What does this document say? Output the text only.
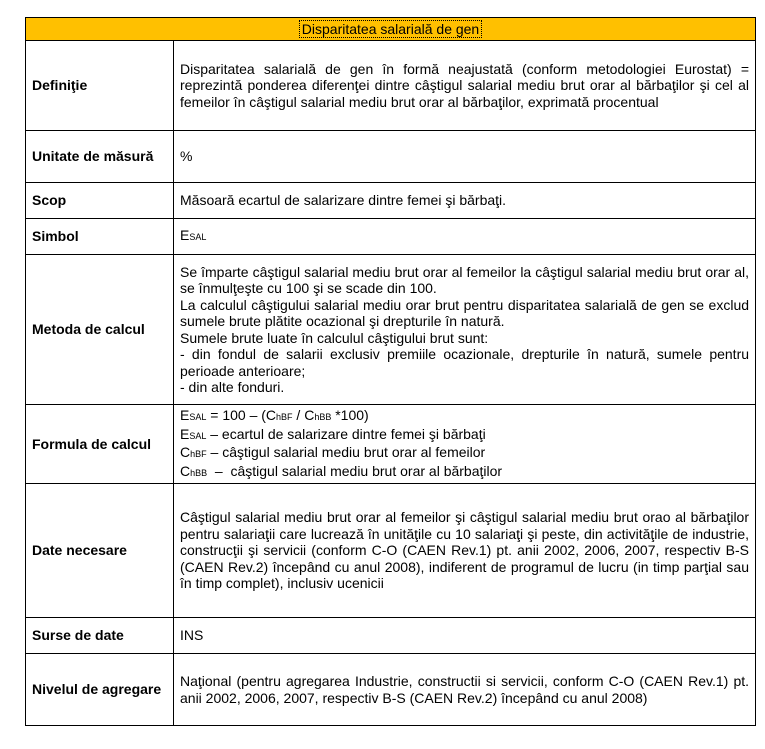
Disparitatea salarială de gen	
Definiţie	Disparitatea salarială de gen în formă neajustată (conform metodologiei Eurostat) = reprezintă ponderea diferenţei dintre câştigul salarial mediu brut orar al bărbaţilor şi cel al femeilor în câştigul salarial mediu brut orar al bărbaţilor, exprimată procentual
Unitate de măsură	%
Scop	Măsoară ecartul de salarizare dintre femei şi bărbaţi.
Simbol	ESAL
Metoda de calcul	Se împarte câştigul salarial mediu brut orar al femeilor la câştigul salarial mediu brut orar al, se înmulţeşte cu 100 şi se scade din 100.

La calculul câştigului salarial mediu orar brut pentru disparitatea salarială de gen se exclud sumele brute plătite ocazional şi drepturile în natură.

Sumele brute luate în calculul câştigului brut sunt:

- din fondul de salarii exclusiv premiile ocazionale, drepturile în natură, sumele pentru perioade anterioare;

- din alte fonduri.

Formula de calcul	ESAL = 100 – (ChBF / ChBB *100)

ESAL – ecartul de salarizare dintre femei şi bărbaţi

ChBF – câştigul salarial mediu brut orar al femeilor

ChBB  –  câştigul salarial mediu brut orar al bărbaţilor

Date necesare	Câştigul salarial mediu brut orar al femeilor şi câştigul salarial mediu brut orao al bărbaţilor pentru salariaţii care lucrează în unităţile cu 10 salariaţi şi peste, din activităţile de industrie, construcţii şi servicii (conform C-O (CAEN Rev.1) pt. anii 2002, 2006, 2007, respectiv B-S (CAEN Rev.2) începând cu anul 2008), indiferent de programul de lucru (in timp parţial sau în timp complet), inclusiv ucenicii
Surse de date	INS
Nivelul de agregare	Naţional (pentru agregarea Industrie, constructii si servicii, conform C-O (CAEN Rev.1) pt. anii 2002, 2006, 2007, respectiv B-S (CAEN Rev.2) începând cu anul 2008)
